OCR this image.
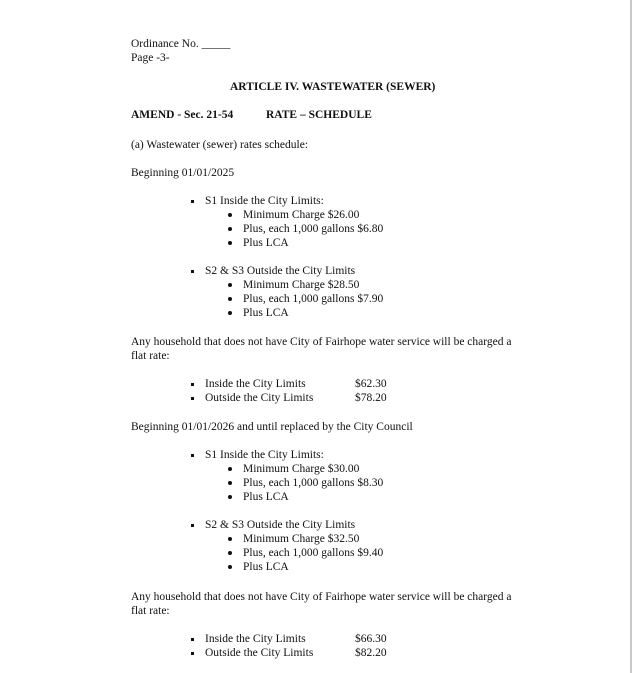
Ordinance No. _____
Page -3-
ARTICLE IV. WASTEWATER (SEWER)
AMEND - Sec. 21-54	RATE – SCHEDULE
(a) Wastewater (sewer) rates schedule:
Beginning 01/01/2025
S1 Inside the City Limits:
Minimum Charge $26.00
Plus, each 1,000 gallons $6.80
Plus LCA
S2 & S3 Outside the City Limits
Minimum Charge $28.50
Plus, each 1,000 gallons $7.90
Plus LCA
Any household that does not have City of Fairhope water service will be charged a
flat rate:
Inside the City Limits	$62.30
Outside the City Limits	$78.20
Beginning 01/01/2026 and until replaced by the City Council
S1 Inside the City Limits:
Minimum Charge $30.00
Plus, each 1,000 gallons $8.30
Plus LCA
S2 & S3 Outside the City Limits
Minimum Charge $32.50
Plus, each 1,000 gallons $9.40
Plus LCA
Any household that does not have City of Fairhope water service will be charged a
flat rate:
Inside the City Limits	$66.30
Outside the City Limits	$82.20
